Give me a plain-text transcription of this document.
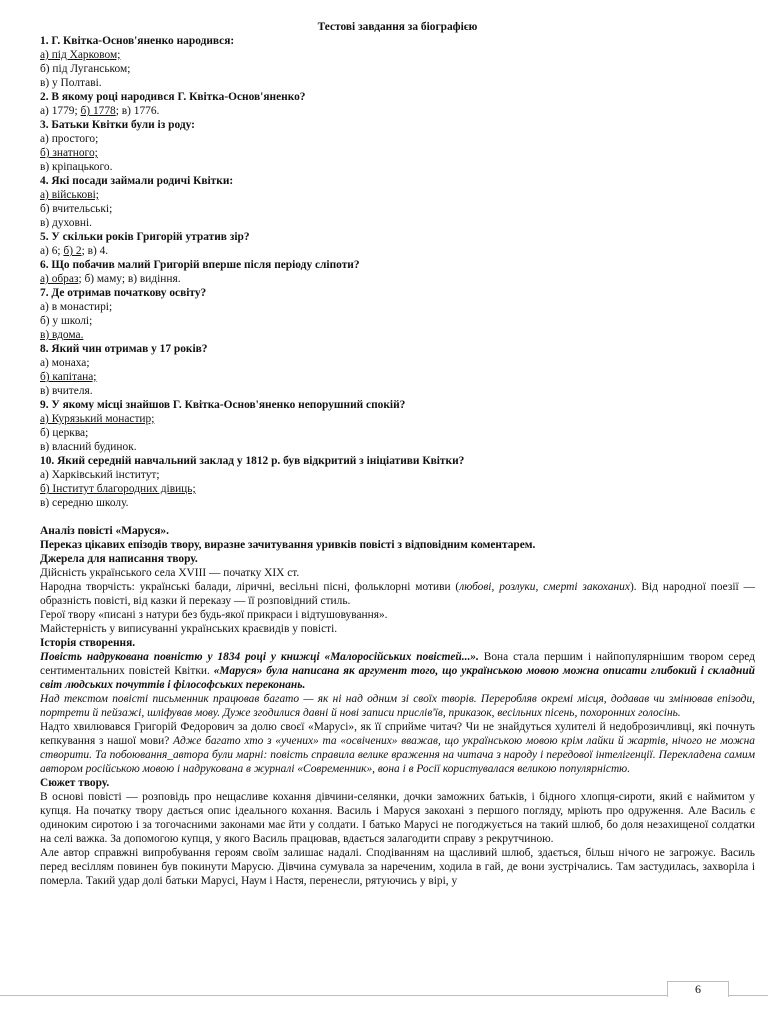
Тестові завдання за біографією
1. Г. Квітка-Основ'яненко народився:
а) під Харковом;
б) під Луганськом;
в) у Полтаві.
2. В якому році народився Г. Квітка-Основ'яненко?
а) 1779; б) 1778; в) 1776.
3. Батьки Квітки були із роду:
а) простого;
б) знатного;
в) кріпацького.
4. Які посади займали родичі Квітки:
а) військові;
б) вчительські;
в) духовні.
5. У скільки років Григорій утратив зір?
а) 6; б) 2; в) 4.
6. Що побачив малий Григорій вперше після періоду сліпоти?
а) образ; б) маму; в) видіння.
7. Де отримав початкову освіту?
а) в монастирі;
б) у школі;
в) вдома.
8. Який чин отримав у 17 років?
а) монаха;
б) капітана;
в) вчителя.
9. У якому місці знайшов Г. Квітка-Основ'яненко непорушний спокій?
а) Курязький монастир;
б) церква;
в) власний будинок.
10. Який середній навчальний заклад у 1812 р. був відкритий з ініціативи Квітки?
а) Харківський інститут;
б) Інститут благородних дівиць;
в) середню школу.
Аналіз повісті «Маруся».
Переказ цікавих епізодів твору, виразне зачитування уривків повісті з відповідним коментарем.
Джерела для написання твору.
Дійсність українського села XVIII — початку XIX ст.
Народна творчість: українські балади, ліричні, весільні пісні, фольклорні мотиви (любові, розлуки, смерті закоханих). Від народної поезії — образність повісті, від казки й переказу — її розповідний стиль.
Герої твору «писані з натури без будь-якої прикраси і відтушовування».
Майстерність у виписуванні українських краєвидів у повісті.
Історія створення.
Повість надрукована повністю у 1834 році у книжці «Малоросійських повістей...». Вона стала першим і найпопулярнішим твором серед сентиментальних повістей Квітки. «Маруся» була написана як аргумент того, що українською мовою можна описати глибокий і складний світ людських почуттів і філософських переконань.
Над текстом повісті письменник працював багато — як ні над одним зі своїх творів. Переробляв окремі місця, додавав чи змінював епізоди, портрети й пейзажі, шліфував мову. Дуже згодилися давні й нові записи прислів'їв, приказок, весільних пісень, похоронних голосінь.
Надто хвилювався Григорій Федорович за долю своєї «Марусі», як її сприйме читач? Чи не знайдуться хулителі й недоброзичливці, які почнуть кепкування з нашої мови? Адже багато хто з «учених» та «освічених» вважав, що українською мовою крім лайки й жартів, нічого не можна створити. Та побоювання_автора були марні: повість справила велике враження на читача з народу і передової інтелігенції. Перекладена самим автором російською мовою і надрукована в журналі «Современник», вона і в Росії користувалася великою популярністю.
Сюжет твору.
В основі повісті — розповідь про нещасливе кохання дівчини-селянки, дочки заможних батьків, і бідного хлопця-сироти, який є наймитом у купця. На початку твору дається опис ідеального кохання. Василь і Маруся закохані з першого погляду, мріють про одруження. Але Василь є одиноким сиротою і за тогочасними законами має йти у солдати. І батько Марусі не погоджується на такий шлюб, бо доля незахищеної солдатки на селі важка. За допомогою купця, у якого Василь працював, вдається залагодити справу з рекрутчиною.
Але автор справжні випробування героям своїм залишає надалі. Сподіванням на щасливий шлюб, здається, більш нічого не загрожує. Василь перед весіллям повинен був покинути Марусю. Дівчина сумувала за нареченим, ходила в гай, де вони зустрічались. Там застудилась, захворіла і померла. Такий удар долі батьки Марусі, Наум і Настя, перенесли, рятуючись у вірі, у
6
